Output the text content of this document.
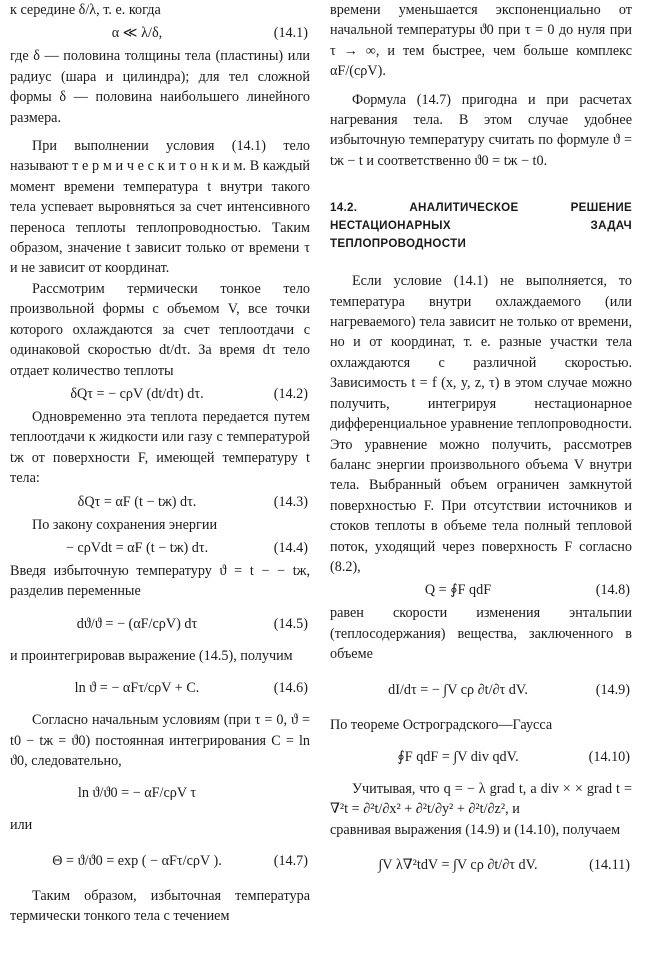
к середине δ/λ, т. е. когда

α ≪ λ/δ,	(14.1)

где δ — половина толщины тела (пластины) или радиус (шара и цилиндра); для тел сложной формы δ — половина наибольшего линейного размера.

При выполнении условия (14.1) тело называют т е р м и ч е с к и т о н к и м. В каждый момент времени температура t внутри такого тела успевает выровняться за счет интенсивного переноса теплоты теплопроводностью. Таким образом, значение t зависит только от времени τ и не зависит от координат.

Рассмотрим термически тонкое тело произвольной формы с объемом V, все точки которого охлаждаются за счет теплоотдачи с одинаковой скоростью dt/dτ. За время dτ тело отдает количество теплоты

δQτ = − cρV (dt/dτ) dτ.	(14.2)

Одновременно эта теплота передается путем теплоотдачи к жидкости или газу с температурой tж от поверхности F, имеющей температуру t тела:

δQτ = αF (t − tж) dτ.	(14.3)

По закону сохранения энергии

− cρVdt = αF (t − tж) dτ.	(14.4)

Введя избыточную температуру ϑ = t − − tж, разделив переменные

dϑ/ϑ = − (αF/cρV) dτ	(14.5)

и проинтегрировав выражение (14.5), получим

ln ϑ = − αFτ/cρV + C.	(14.6)

Согласно начальным условиям (при τ = 0, ϑ = t0 − tж = ϑ0) постоянная интегрирования C = ln ϑ0, следовательно,

ln ϑ/ϑ0 = − αF/cρV τ

или

Θ = ϑ/ϑ0 = exp ( − αFτ/cρV ).	(14.7)

Таким образом, избыточная температура термически тонкого тела с течением

времени уменьшается экспоненциально от начальной температуры ϑ0 при τ = 0 до нуля при τ → ∞, и тем быстрее, чем больше комплекс αF/(cρV).

Формула (14.7) пригодна и при расчетах нагревания тела. В этом случае удобнее избыточную температуру считать по формуле ϑ = tж − t и соответственно ϑ0 = tж − t0.

14.2. АНАЛИТИЧЕСКОЕ РЕШЕНИЕ НЕСТАЦИОНАРНЫХ ЗАДАЧ ТЕПЛОПРОВОДНОСТИ

Если условие (14.1) не выполняется, то температура внутри охлаждаемого (или нагреваемого) тела зависит не только от времени, но и от координат, т. е. разные участки тела охлаждаются с различной скоростью. Зависимость t = f (x, y, z, τ) в этом случае можно получить, интегрируя нестационарное дифференциальное уравнение теплопроводности. Это уравнение можно получить, рассмотрев баланс энергии произвольного объема V внутри тела. Выбранный объем ограничен замкнутой поверхностью F. При отсутствии источников и стоков теплоты в объеме тела полный тепловой поток, уходящий через поверхность F согласно (8.2),

Q = ∮F qdF	(14.8)

равен скорости изменения энтальпии (теплосодержания) вещества, заключенного в объеме

dI/dτ = − ∫V cρ ∂t/∂τ dV.	(14.9)

По теореме Остроградского—Гаусса

∮F qdF = ∫V div qdV.	(14.10)

Учитывая, что q = − λ grad t, a div × × grad t = ∇²t = ∂²t/∂x² + ∂²t/∂y² + ∂²t/∂z², и

сравнивая выражения (14.9) и (14.10), получаем

∫V λ∇²tdV = ∫V cρ ∂t/∂τ dV.	(14.11)
